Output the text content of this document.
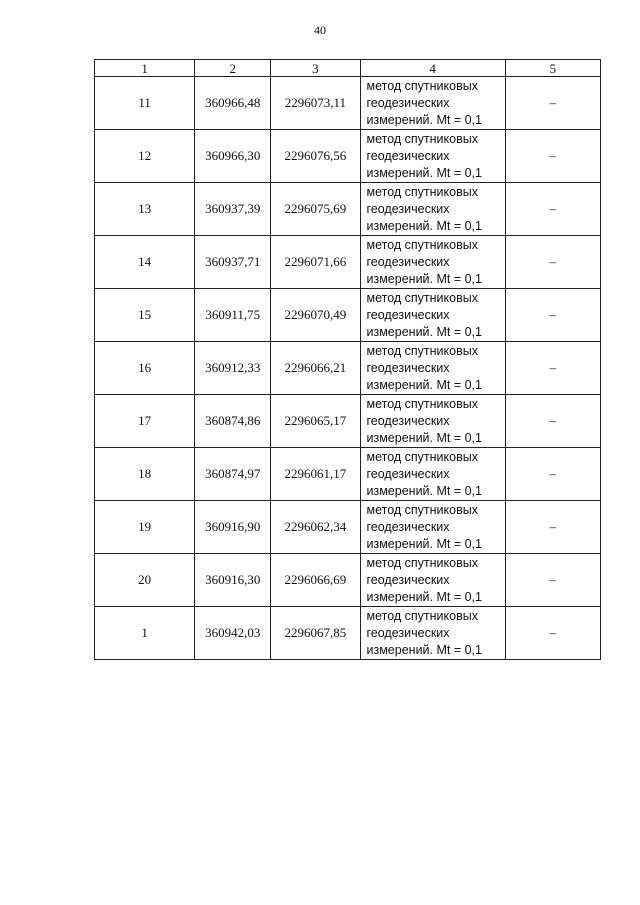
40
1	2	3	4	5
11	360966,48	2296073,11	метод спутниковых
геодезических
измерений. Mt = 0,1	–
12	360966,30	2296076,56	метод спутниковых
геодезических
измерений. Mt = 0,1	–
13	360937,39	2296075,69	метод спутниковых
геодезических
измерений. Mt = 0,1	–
14	360937,71	2296071,66	метод спутниковых
геодезических
измерений. Mt = 0,1	–
15	360911,75	2296070,49	метод спутниковых
геодезических
измерений. Mt = 0,1	–
16	360912,33	2296066,21	метод спутниковых
геодезических
измерений. Mt = 0,1	–
17	360874,86	2296065,17	метод спутниковых
геодезических
измерений. Mt = 0,1	–
18	360874,97	2296061,17	метод спутниковых
геодезических
измерений. Mt = 0,1	–
19	360916,90	2296062,34	метод спутниковых
геодезических
измерений. Mt = 0,1	–
20	360916,30	2296066,69	метод спутниковых
геодезических
измерений. Mt = 0,1	–
1	360942,03	2296067,85	метод спутниковых
геодезических
измерений. Mt = 0,1	–
